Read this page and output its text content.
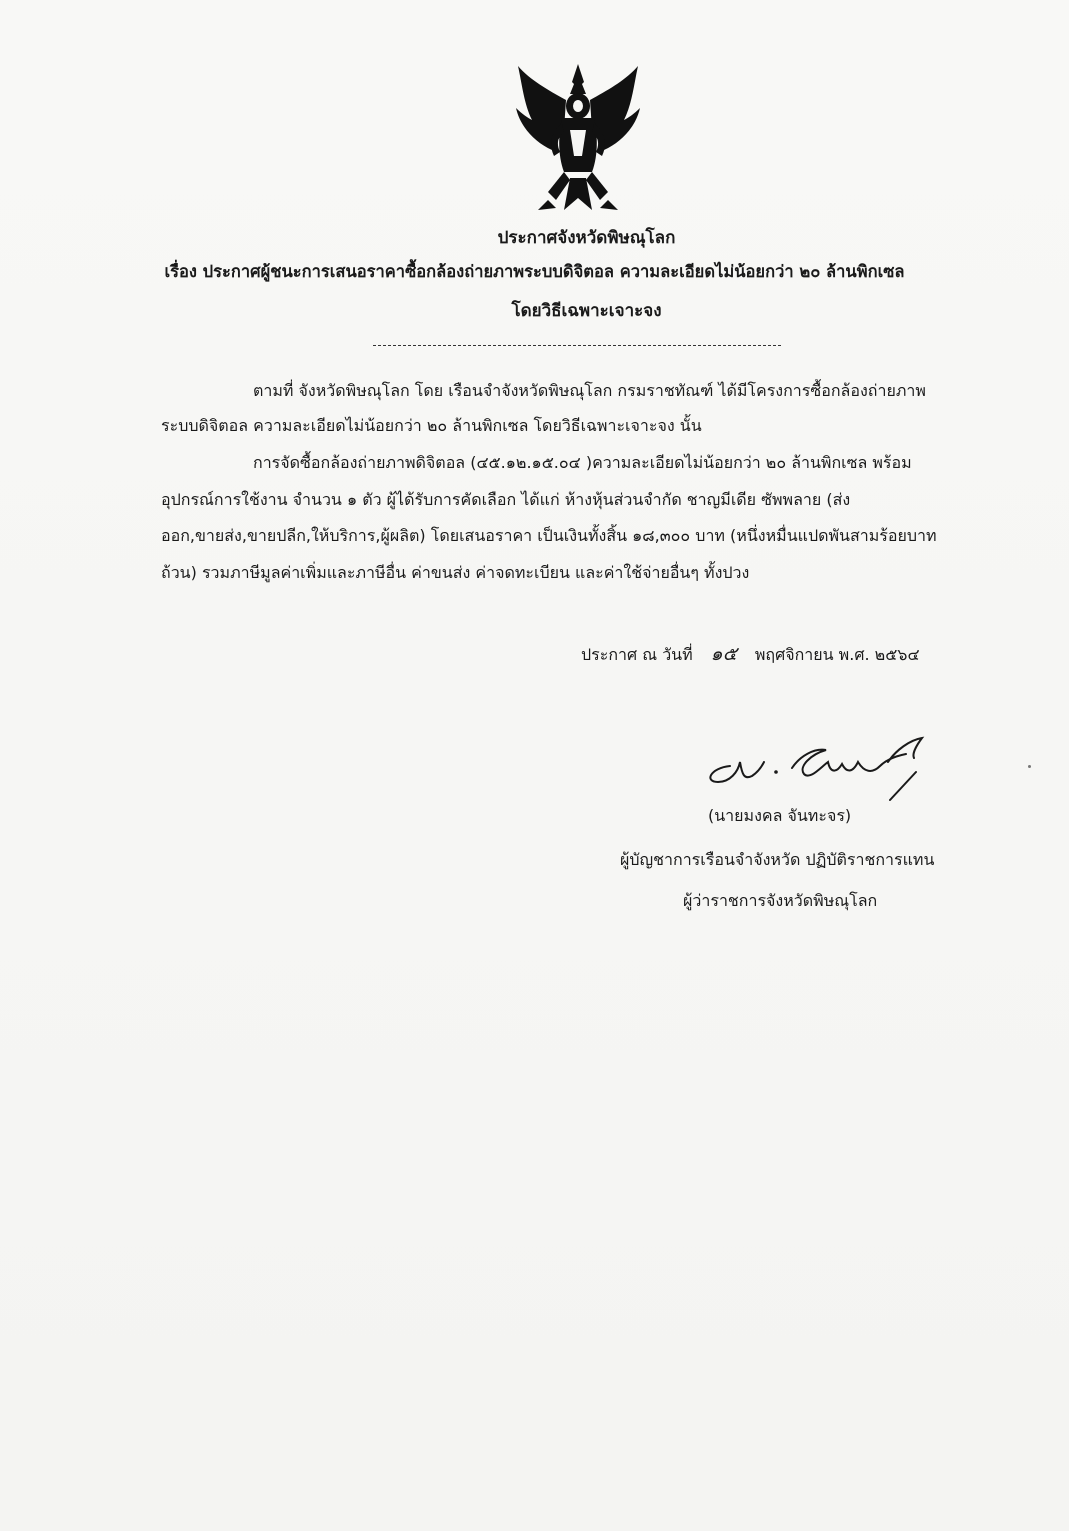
ประกาศจังหวัดพิษณุโลก
เรื่อง ประกาศผู้ชนะการเสนอราคาซื้อกล้องถ่ายภาพระบบดิจิตอล ความละเอียดไม่น้อยกว่า ๒๐ ล้านพิกเซล
โดยวิธีเฉพาะเจาะจง
ตามที่ จังหวัดพิษณุโลก โดย เรือนจำจังหวัดพิษณุโลก กรมราชทัณฑ์ ได้มีโครงการซื้อกล้องถ่ายภาพ
ระบบดิจิตอล ความละเอียดไม่น้อยกว่า ๒๐ ล้านพิกเซล โดยวิธีเฉพาะเจาะจง นั้น
การจัดซื้อกล้องถ่ายภาพดิจิตอล (๔๕.๑๒.๑๕.๐๔ )ความละเอียดไม่น้อยกว่า ๒๐ ล้านพิกเซล พร้อม
อุปกรณ์การใช้งาน จำนวน ๑ ตัว ผู้ได้รับการคัดเลือก ได้แก่ ห้างหุ้นส่วนจำกัด ชาญมีเดีย ซัพพลาย (ส่ง
ออก,ขายส่ง,ขายปลีก,ให้บริการ,ผู้ผลิต) โดยเสนอราคา เป็นเงินทั้งสิ้น ๑๘,๓๐๐ บาท (หนึ่งหมื่นแปดพันสามร้อยบาท
ถ้วน) รวมภาษีมูลค่าเพิ่มและภาษีอื่น ค่าขนส่ง ค่าจดทะเบียน และค่าใช้จ่ายอื่นๆ ทั้งปวง
ประกาศ ณ วันที่ ๑๕ พฤศจิกายน พ.ศ. ๒๕๖๔
(นายมงคล จันทะจร)
ผู้บัญชาการเรือนจำจังหวัด ปฏิบัติราชการแทน
ผู้ว่าราชการจังหวัดพิษณุโลก
